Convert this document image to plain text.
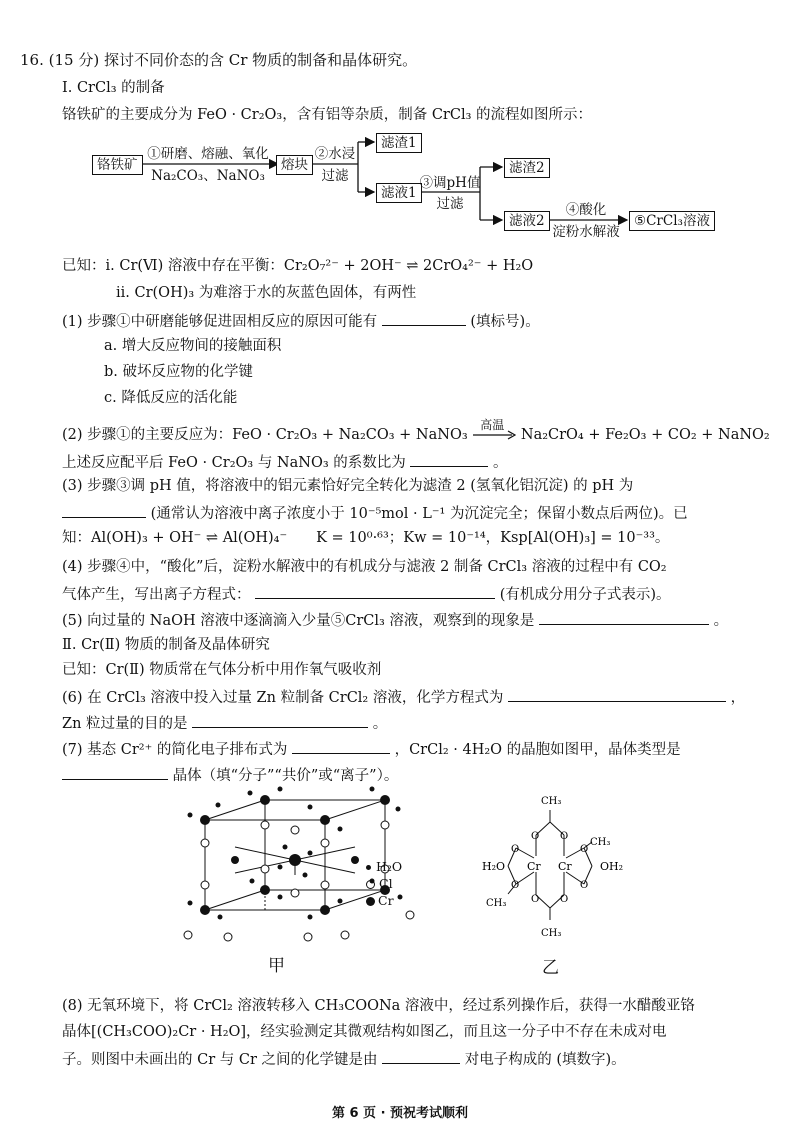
16. (15 分) 探讨不同价态的含 Cr 物质的制备和晶体研究。
Ⅰ. CrCl₃ 的制备
铬铁矿的主要成分为 FeO · Cr₂O₃，含有铝等杂质，制备 CrCl₃ 的流程如图所示：
铬铁矿
①研磨、熔融、氧化
Na₂CO₃、NaNO₃
熔块
②水浸
过滤
滤渣1
滤液1
③调pH值
过滤
滤渣2
滤液2
④酸化
淀粉水解液
⑤CrCl₃溶液
已知：i. Cr(Ⅵ) 溶液中存在平衡：Cr₂O₇²⁻ + 2OH⁻ ⇌ 2CrO₄²⁻ + H₂O
ii. Cr(OH)₃ 为难溶于水的灰蓝色固体，有两性
(1) 步骤①中研磨能够促进固相反应的原因可能有	(填标号)。
a. 增大反应物间的接触面积
b. 破坏反应物的化学键
c. 降低反应的活化能
(2) 步骤①的主要反应为：FeO · Cr₂O₃ + Na₂CO₃ + NaNO₃
高温
Na₂CrO₄ + Fe₂O₃ + CO₂ + NaNO₂
上述反应配平后 FeO · Cr₂O₃ 与 NaNO₃ 的系数比为	。
(3) 步骤③调 pH 值，将溶液中的铝元素恰好完全转化为滤渣 2 (氢氧化铝沉淀) 的 pH 为
(通常认为溶液中离子浓度小于 10⁻⁵mol · L⁻¹ 为沉淀完全；保留小数点后两位)。已
知：Al(OH)₃ + OH⁻ ⇌ Al(OH)₄⁻　　K = 10⁰·⁶³；Kw = 10⁻¹⁴，Ksp[Al(OH)₃] = 10⁻³³。
(4) 步骤④中，“酸化”后，淀粉水解液中的有机成分与滤液 2 制备 CrCl₃ 溶液的过程中有 CO₂
气体产生，写出离子方程式：	(有机成分用分子式表示)。
(5) 向过量的 NaOH 溶液中逐滴滴入少量⑤CrCl₃ 溶液，观察到的现象是	。
Ⅱ. Cr(Ⅱ) 物质的制备及晶体研究
已知：Cr(Ⅱ) 物质常在气体分析中用作氧气吸收剂
(6) 在 CrCl₃ 溶液中投入过量 Zn 粒制备 CrCl₂ 溶液，化学方程式为	，
Zn 粒过量的目的是	。
(7) 基态 Cr²⁺ 的简化电子排布式为	，CrCl₂ · 4H₂O 的晶胞如图甲，晶体类型是
晶体（填“分子”“共价”或“离子”）。
H₂O
Cl
Cr
甲
CH₃
O O
O	O
CH₃
H₂O Cr Cr	OH₂
O	O
O O
CH₃
CH₃
乙
(8) 无氧环境下，将 CrCl₂ 溶液转移入 CH₃COONa 溶液中，经过系列操作后，获得一水醋酸亚铬
晶体[(CH₃COO)₂Cr · H₂O]，经实验测定其微观结构如图乙，而且这一分子中不存在未成对电
子。则图中未画出的 Cr 与 Cr 之间的化学键是由	对电子构成的 (填数字)。
第 6 页 · 预祝考试顺利
